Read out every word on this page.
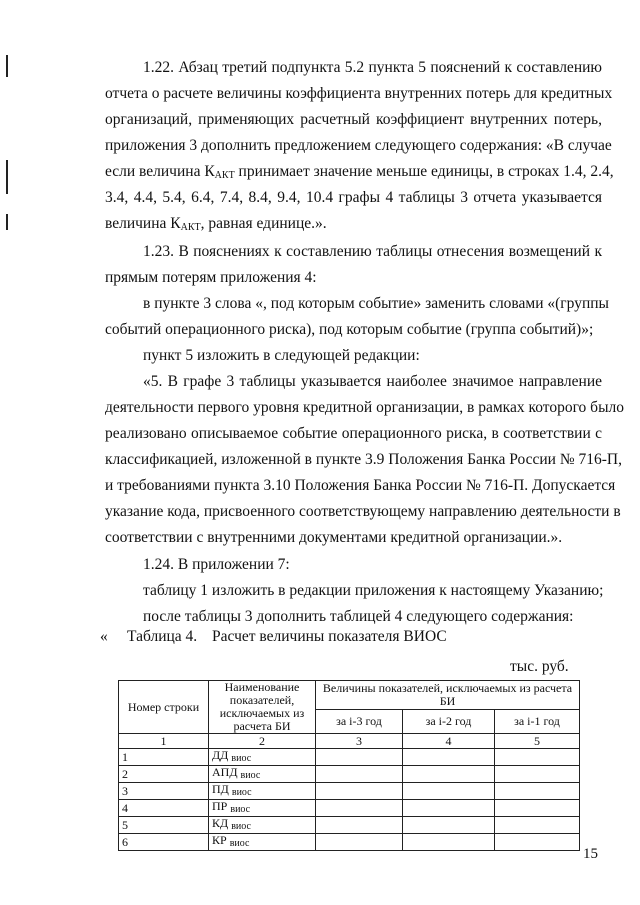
1.22. Абзац третий подпункта 5.2 пункта 5 пояснений к составлению
отчета о расчете величины коэффициента внутренних потерь для кредитных
организаций, применяющих расчетный коэффициент внутренних потерь,
приложения 3 дополнить предложением следующего содержания: «В случае
если величина $К_{АКТ}$ принимает значение меньше единицы, в строках 1.4, 2.4,
3.4, 4.4, 5.4, 6.4, 7.4, 8.4, 9.4, 10.4 графы 4 таблицы 3 отчета указывается
величина $К_{АКТ}$, равная единице.».
1.23. В пояснениях к составлению таблицы отнесения возмещений к
прямым потерям приложения 4:
в пункте 3 слова «, под которым событие» заменить словами «(группы
событий операционного риска), под которым событие (группа событий)»;
пункт 5 изложить в следующей редакции:
«5. В графе 3 таблицы указывается наиболее значимое направление
деятельности первого уровня кредитной организации, в рамках которого было
реализовано описываемое событие операционного риска, в соответствии с
классификацией, изложенной в пункте 3.9 Положения Банка России № 716-П,
и требованиями пункта 3.10 Положения Банка России № 716-П. Допускается
указание кода, присвоенного соответствующему направлению деятельности в
соответствии с внутренними документами кредитной организации.».
1.24. В приложении 7:
таблицу 1 изложить в редакции приложения к настоящему Указанию;
после таблицы 3 дополнить таблицей 4 следующего содержания:
« Таблица 4. Расчет величины показателя ВИОС
тыс. руб.
Номер строки	Наименование показателей, исключаемых из расчета БИ	Величины показателей, исключаемых из расчета БИ		
		за i-3 год	за i-2 год	за i-1 год
1	2	3	4	5
1	ДД $_{виос}$			
2	АПД $_{виос}$			
3	ПД $_{виос}$			
4	ПР $_{виос}$			
5	КД $_{виос}$			
6	КР $_{виос}$			
15
